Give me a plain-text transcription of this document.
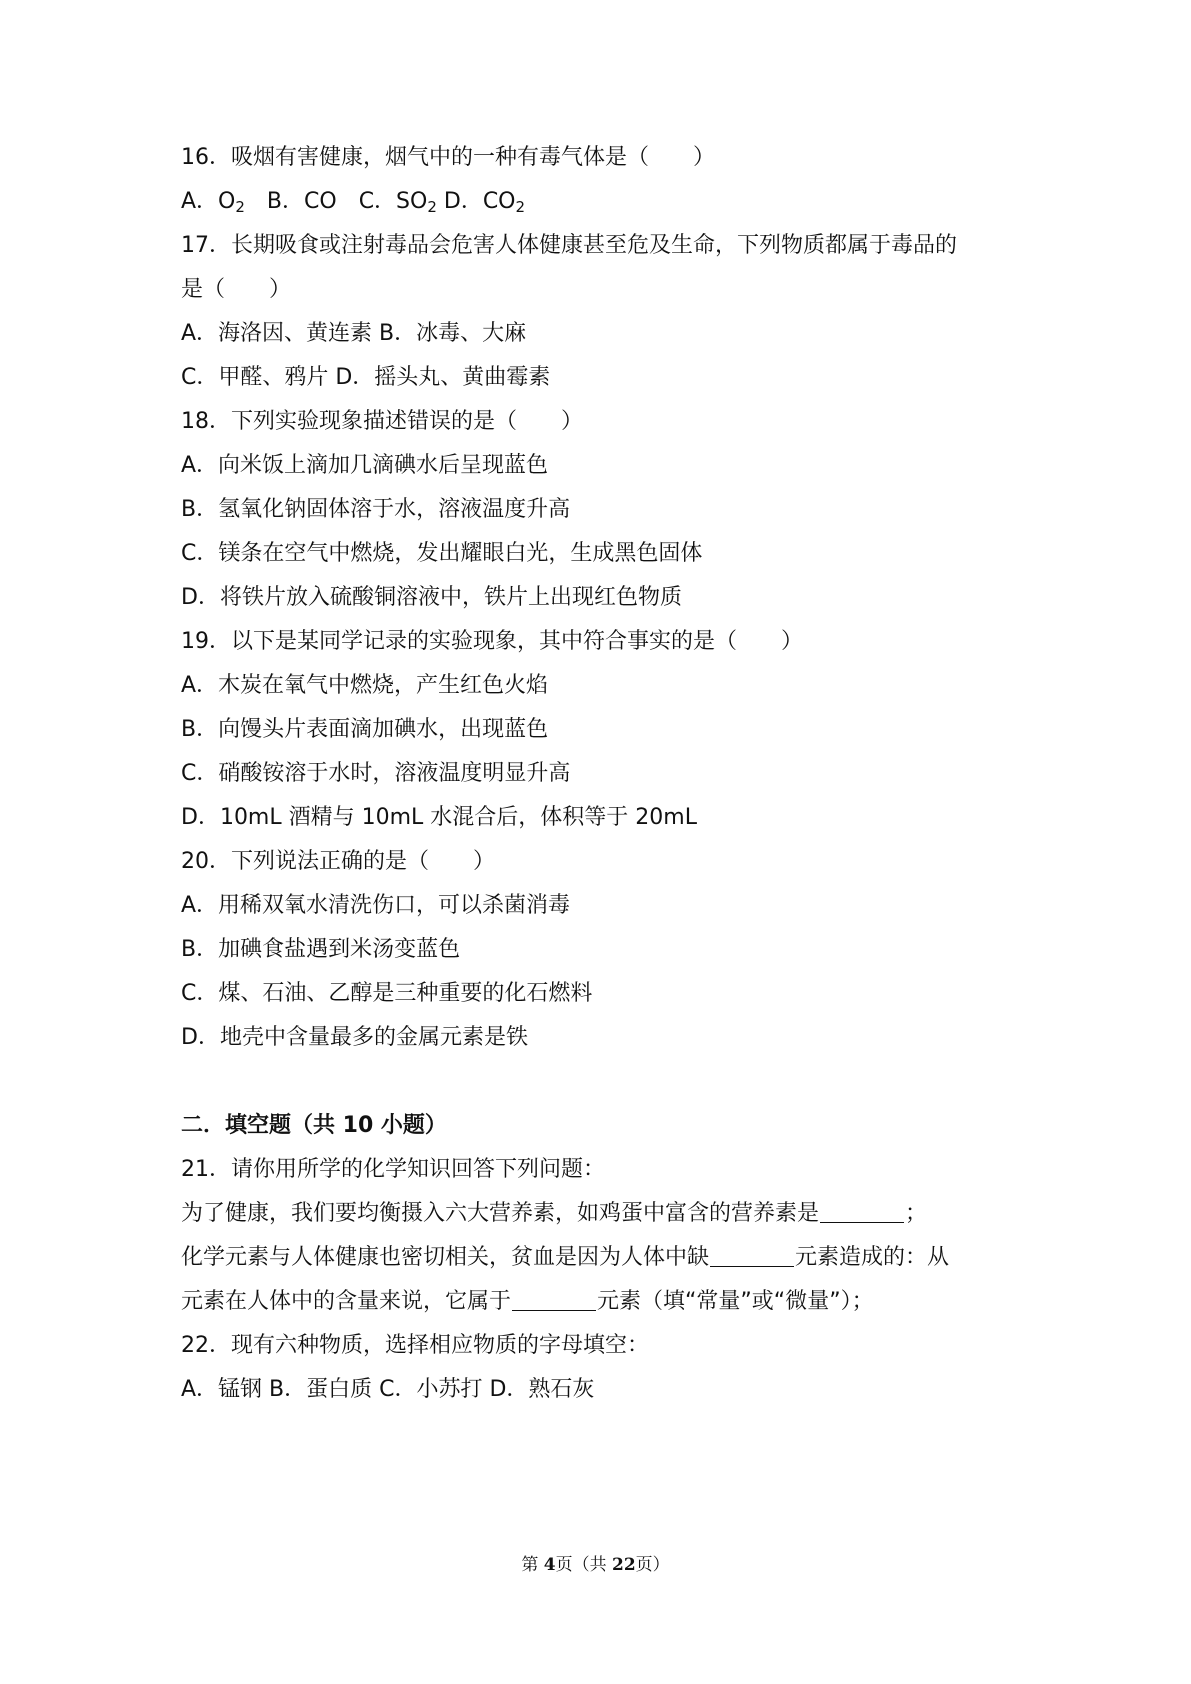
16．吸烟有害健康，烟气中的一种有毒气体是（　　）
A．$O_2$　B．CO　C．$SO_2$ D．$CO_2$
17．长期吸食或注射毒品会危害人体健康甚至危及生命，下列物质都属于毒品的
是（　　）
A．海洛因、黄连素 B．冰毒、大麻
C．甲醛、鸦片 D．摇头丸、黄曲霉素
18．下列实验现象描述错误的是（　　）
A．向米饭上滴加几滴碘水后呈现蓝色
B．氢氧化钠固体溶于水，溶液温度升高
C．镁条在空气中燃烧，发出耀眼白光，生成黑色固体
D．将铁片放入硫酸铜溶液中，铁片上出现红色物质
19．以下是某同学记录的实验现象，其中符合事实的是（　　）
A．木炭在氧气中燃烧，产生红色火焰
B．向馒头片表面滴加碘水，出现蓝色
C．硝酸铵溶于水时，溶液温度明显升高
D．10mL 酒精与 10mL 水混合后，体积等于 20mL
20．下列说法正确的是（　　）
A．用稀双氧水清洗伤口，可以杀菌消毒
B．加碘食盐遇到米汤变蓝色
C．煤、石油、乙醇是三种重要的化石燃料
D．地壳中含量最多的金属元素是铁
二．填空题（共 10 小题）
21．请你用所学的化学知识回答下列问题：
为了健康，我们要均衡摄入六大营养素，如鸡蛋中富含的营养素是	；
化学元素与人体健康也密切相关，贫血是因为人体中缺	元素造成的：从
元素在人体中的含量来说，它属于	元素（填“常量”或“微量”）；
22．现有六种物质，选择相应物质的字母填空：
A．锰钢 B．蛋白质 C．小苏打 D．熟石灰
第 4页（共 22页）
